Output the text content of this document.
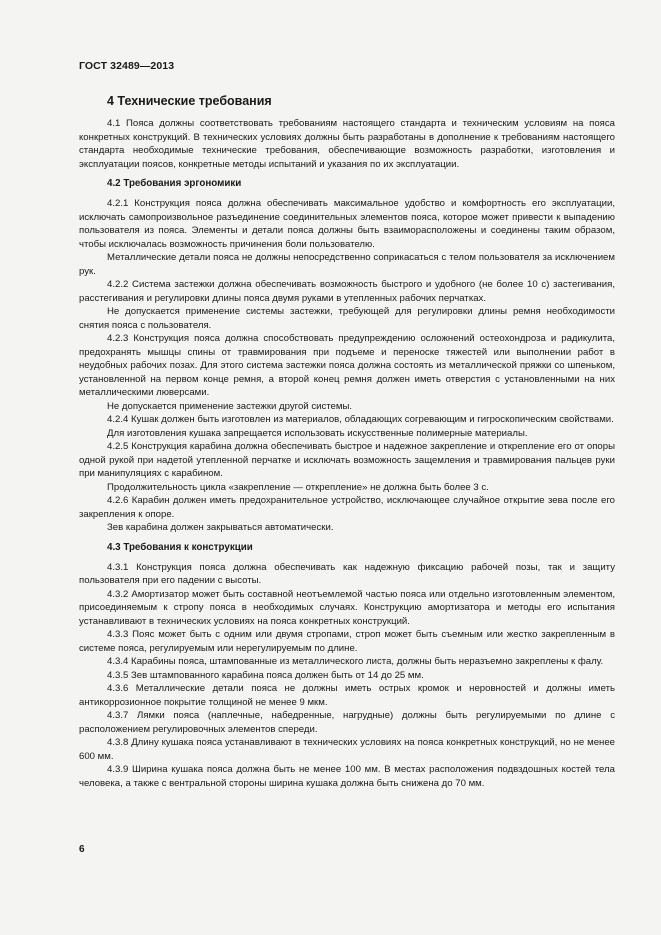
ГОСТ 32489—2013
4 Технические требования

4.1 Пояса должны соответствовать требованиям настоящего стандарта и техническим условиям на пояса конкретных конструкций. В технических условиях должны быть разработаны в дополнение к требованиям настоящего стандарта необходимые технические требования, обеспечивающие возможность разработки, изготовления и эксплуатации поясов, конкретные методы испытаний и указания по их эксплуатации.

4.2 Требования эргономики

4.2.1 Конструкция пояса должна обеспечивать максимальное удобство и комфортность его эксплуатации, исключать самопроизвольное разъединение соединительных элементов пояса, которое может привести к выпадению пользователя из пояса. Элементы и детали пояса должны быть взаиморасположены и соединены таким образом, чтобы исключалась возможность причинения боли пользователю.

Металлические детали пояса не должны непосредственно соприкасаться с телом пользователя за исключением рук.

4.2.2 Система застежки должна обеспечивать возможность быстрого и удобного (не более 10 с) застегивания, расстегивания и регулировки длины пояса двумя руками в утепленных рабочих перчатках.

Не допускается применение системы застежки, требующей для регулировки длины ремня необходимости снятия пояса с пользователя.

4.2.3 Конструкция пояса должна способствовать предупреждению осложнений остеохондроза и радикулита, предохранять мышцы спины от травмирования при подъеме и переноске тяжестей или выполнении работ в неудобных рабочих позах. Для этого система застежки пояса должна состоять из металлической пряжки со шпеньком, установленной на первом конце ремня, а второй конец ремня должен иметь отверстия с установленными на них металлическими люверсами.

Не допускается применение застежки другой системы.

4.2.4 Кушак должен быть изготовлен из материалов, обладающих согревающим и гигроскопическим свойствами.

Для изготовления кушака запрещается использовать искусственные полимерные материалы.

4.2.5 Конструкция карабина должна обеспечивать быстрое и надежное закрепление и открепление его от опоры одной рукой при надетой утепленной перчатке и исключать возможность защемления и травмирования пальцев руки при манипуляциях с карабином.

Продолжительность цикла «закрепление — открепление» не должна быть более 3 с.

4.2.6 Карабин должен иметь предохранительное устройство, исключающее случайное открытие зева после его закрепления к опоре.

Зев карабина должен закрываться автоматически.

4.3 Требования к конструкции

4.3.1 Конструкция пояса должна обеспечивать как надежную фиксацию рабочей позы, так и защиту пользователя при его падении с высоты.

4.3.2 Амортизатор может быть составной неотъемлемой частью пояса или отдельно изготовленным элементом, присоединяемым к стропу пояса в необходимых случаях. Конструкцию амортизатора и методы его испытания устанавливают в технических условиях на пояса конкретных конструкций.

4.3.3 Пояс может быть с одним или двумя стропами, строп может быть съемным или жестко закрепленным в системе пояса, регулируемым или нерегулируемым по длине.

4.3.4 Карабины пояса, штампованные из металлического листа, должны быть неразъемно закреплены к фалу.

4.3.5 Зев штампованного карабина пояса должен быть от 14 до 25 мм.

4.3.6 Металлические детали пояса не должны иметь острых кромок и неровностей и должны иметь антикоррозионное покрытие толщиной не менее 9 мкм.

4.3.7 Лямки пояса (наплечные, набедренные, нагрудные) должны быть регулируемыми по длине с расположением регулировочных элементов спереди.

4.3.8 Длину кушака пояса устанавливают в технических условиях на пояса конкретных конструкций, но не менее 600 мм.

4.3.9 Ширина кушака пояса должна быть не менее 100 мм. В местах расположения подвздошных костей тела человека, а также с вентральной стороны ширина кушака должна быть снижена до 70 мм.

6
